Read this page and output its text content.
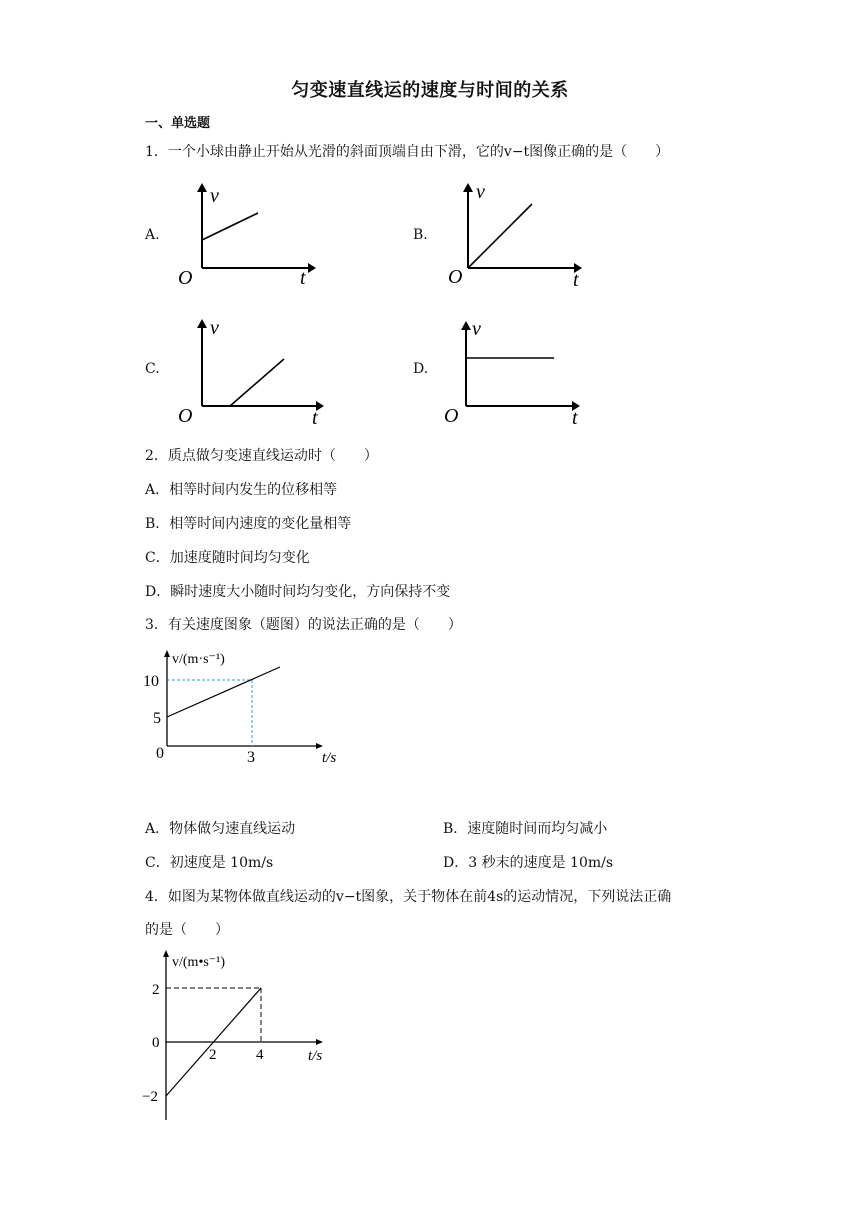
匀变速直线运的速度与时间的关系
一、单选题
1．一个小球由静止开始从光滑的斜面顶端自由下滑，它的v−t图像正确的是（　　）
A.	B.
C.	D.
v
O	t
v
O	t
v
O	t
v
O	t
2．质点做匀变速直线运动时（　　）
A．相等时间内发生的位移相等
B．相等时间内速度的变化量相等
C．加速度随时间均匀变化
D．瞬时速度大小随时间均匀变化，方向保持不变
3．有关速度图象（题图）的说法正确的是（　　）
v/(m·s⁻¹)
10
5
0	3	t/s
A．物体做匀速直线运动	B．速度随时间而均匀减小
C．初速度是 10m/s	D．3 秒末的速度是 10m/s
4．如图为某物体做直线运动的v−t图象，关于物体在前4s的运动情况，下列说法正确
的是（　　）
v/(m•s⁻¹)
2
0
−2
2	4	t/s
